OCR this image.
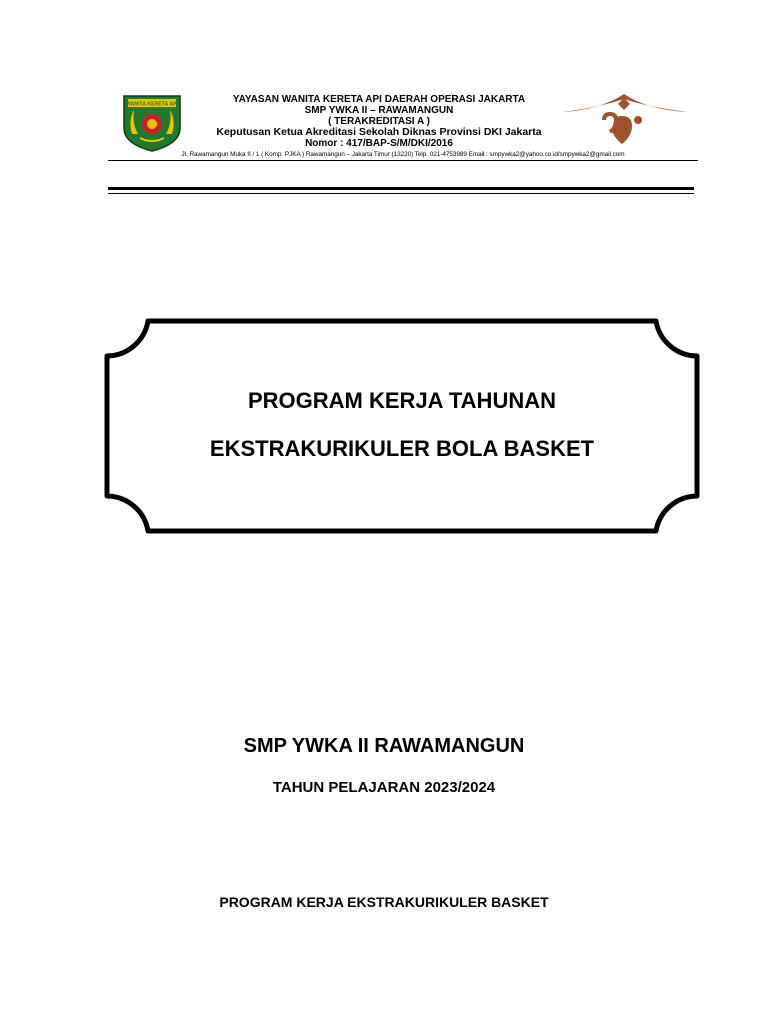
WANITA KERETA API	YAYASAN WANITA KERETA API DAERAH OPERASI JAKARTA
SMP YWKA II – RAWAMANGUN
( TERAKREDITASI A )
Keputusan Ketua Akreditasi Sekolah Diknas Provinsi DKI Jakarta
Nomor : 417/BAP-S/M/DKI/2016
Jl. Rawamangun Muka II / 1 ( Komp. PJKA ) Rawamangun – Jakarta Timur (13220) Telp. 021-4753989 Email : smpywka2@yahoo.co.id/smpywka2@gmail.com
PROGRAM KERJA TAHUNAN
EKSTRAKURIKULER BOLA BASKET
SMP YWKA II RAWAMANGUN
TAHUN PELAJARAN 2023/2024
PROGRAM KERJA EKSTRAKURIKULER BASKET
